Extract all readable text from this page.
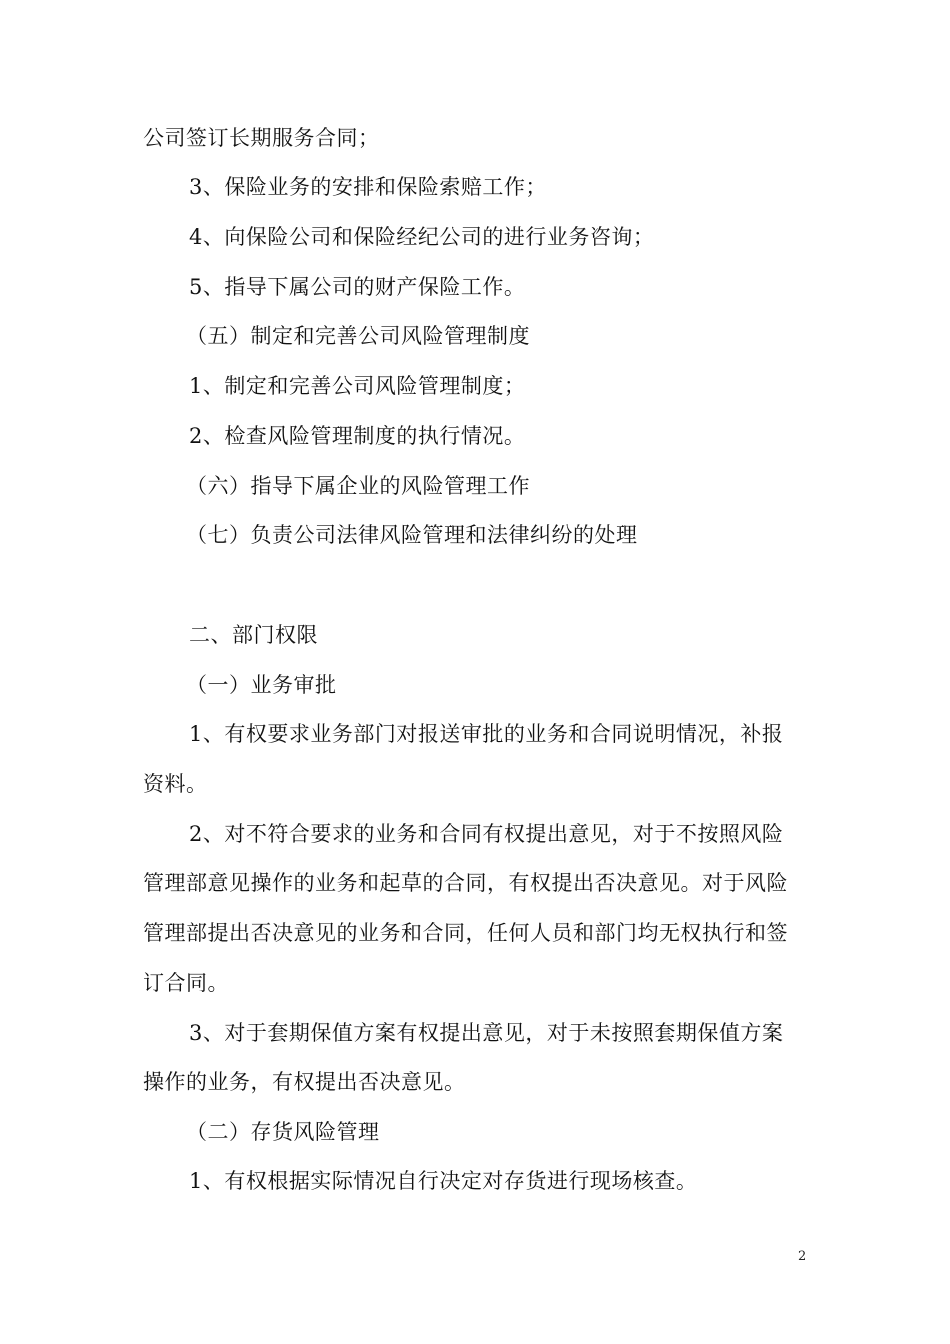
公司签订长期服务合同；
3、保险业务的安排和保险索赔工作；
4、向保险公司和保险经纪公司的进行业务咨询；
5、指导下属公司的财产保险工作。
（五）制定和完善公司风险管理制度
1、制定和完善公司风险管理制度；
2、检查风险管理制度的执行情况。
（六）指导下属企业的风险管理工作
（七）负责公司法律风险管理和法律纠纷的处理
二、部门权限
（一）业务审批
1、有权要求业务部门对报送审批的业务和合同说明情况，补报
资料。
2、对不符合要求的业务和合同有权提出意见，对于不按照风险
管理部意见操作的业务和起草的合同，有权提出否决意见。对于风险
管理部提出否决意见的业务和合同，任何人员和部门均无权执行和签
订合同。
3、对于套期保值方案有权提出意见，对于未按照套期保值方案
操作的业务，有权提出否决意见。
（二）存货风险管理
1、有权根据实际情况自行决定对存货进行现场核查。
2
